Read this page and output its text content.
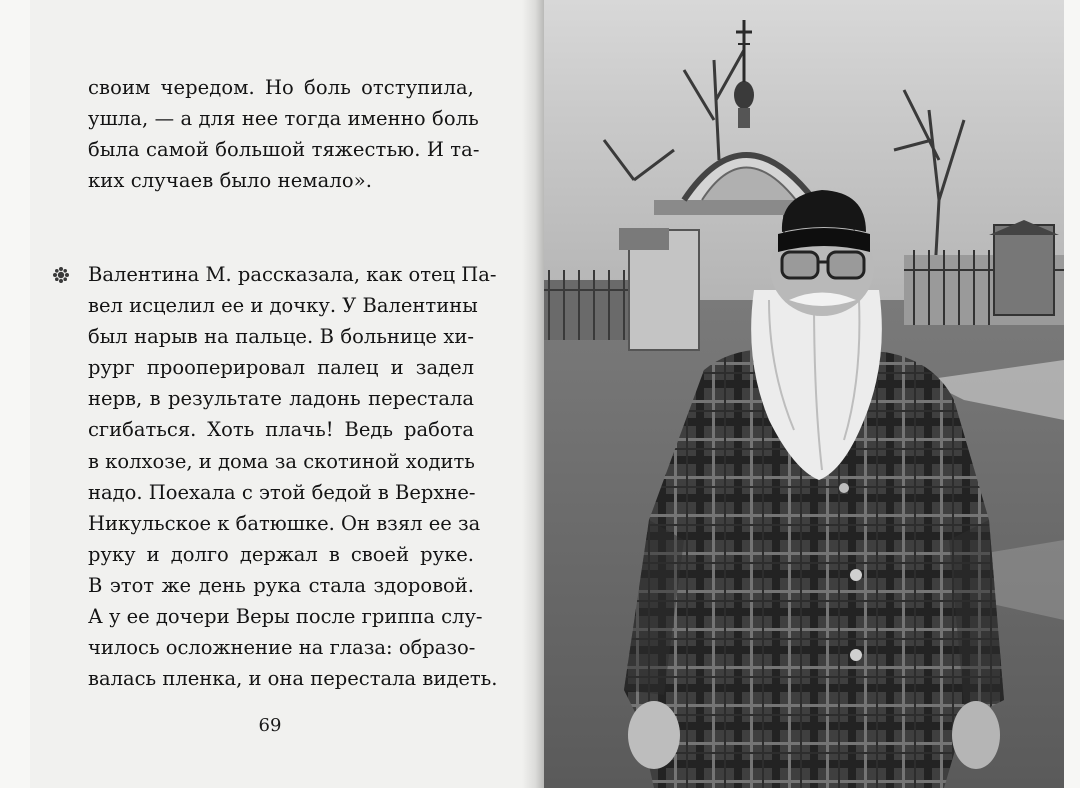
своим чередом. Но боль отступила,
ушла, — а для нее тогда именно боль
была самой большой тяжестью. И та-
ких случаев было немало».
Валентина М. рассказала, как отец Па-
вел исцелил ее и дочку. У Валентины
был нарыв на пальце. В больнице хи-
рург прооперировал палец и задел
нерв, в результате ладонь перестала
сгибаться. Хоть плачь! Ведь работа
в колхозе, и дома за скотиной ходить
надо. Поехала с этой бедой в Верхне-
Никульское к батюшке. Он взял ее за
руку и долго держал в своей руке.
В этот же день рука стала здоровой.
А у ее дочери Веры после гриппа слу-
чилось осложнение на глаза: образо-
валась пленка, и она перестала видеть.
69
